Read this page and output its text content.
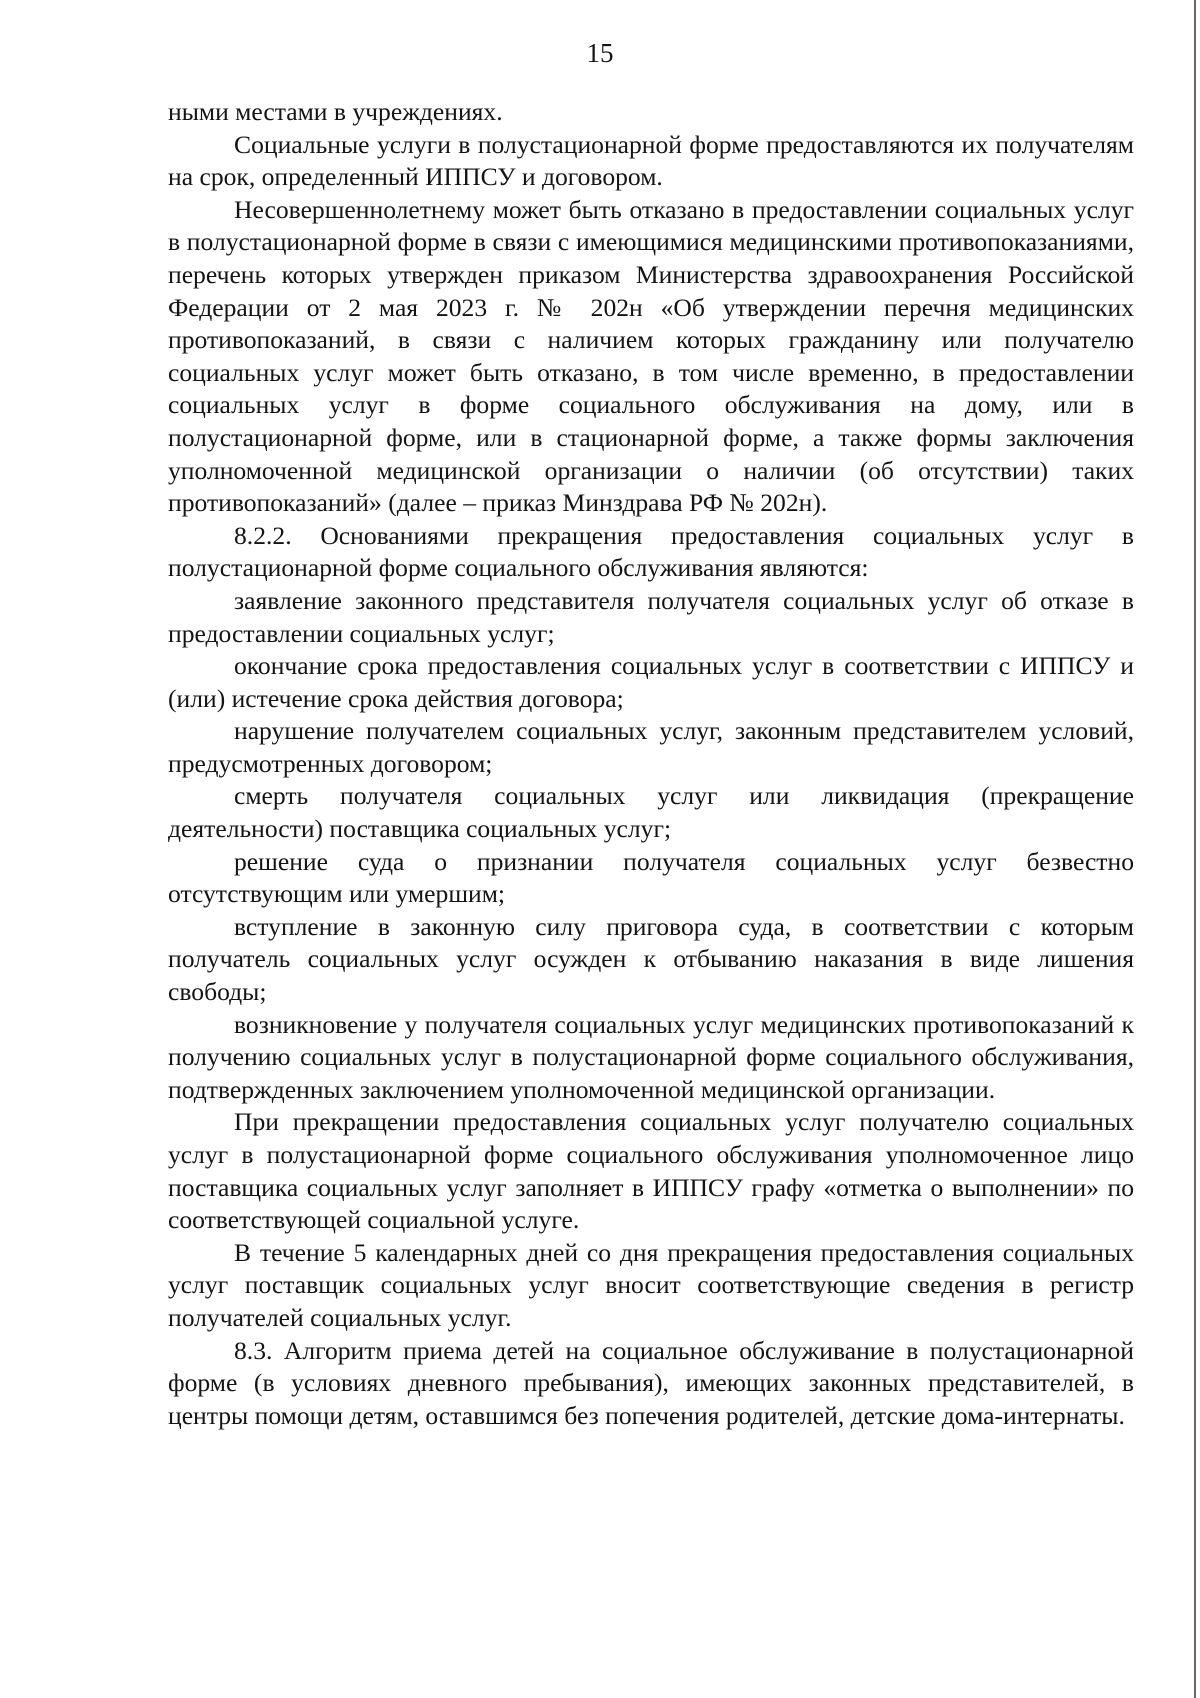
15

ными местами в учреждениях.

Социальные услуги в полустационарной форме предоставляются их получателям на срок, определенный ИППСУ и договором.

Несовершеннолетнему может быть отказано в предоставлении социальных услуг в полустационарной форме в связи с имеющимися медицинскими противопоказаниями, перечень которых утвержден приказом Министерства здравоохранения Российской Федерации от 2 мая 2023 г. № 202н «Об утверждении перечня медицинских противопоказаний, в связи с наличием которых гражданину или получателю социальных услуг может быть отказано, в том числе временно, в предоставлении социальных услуг в форме социального обслуживания на дому, или в полустационарной форме, или в стационарной форме, а также формы заключения уполномоченной медицинской организации о наличии (об отсутствии) таких противопоказаний» (далее – приказ Минздрава РФ № 202н).

8.2.2. Основаниями прекращения предоставления социальных услуг в полустационарной форме социального обслуживания являются:

заявление законного представителя получателя социальных услуг об отказе в предоставлении социальных услуг;

окончание срока предоставления социальных услуг в соответствии с ИППСУ и (или) истечение срока действия договора;

нарушение получателем социальных услуг, законным представителем условий, предусмотренных договором;

смерть получателя социальных услуг или ликвидация (прекращение деятельности) поставщика социальных услуг;

решение суда о признании получателя социальных услуг безвестно отсутствующим или умершим;

вступление в законную силу приговора суда, в соответствии с которым получатель социальных услуг осужден к отбыванию наказания в виде лишения свободы;

возникновение у получателя социальных услуг медицинских противопоказаний к получению социальных услуг в полустационарной форме социального обслуживания, подтвержденных заключением уполномоченной медицинской организации.

При прекращении предоставления социальных услуг получателю социальных услуг в полустационарной форме социального обслуживания уполномоченное лицо поставщика социальных услуг заполняет в ИППСУ графу «отметка о выполнении» по соответствующей социальной услуге.

В течение 5 календарных дней со дня прекращения предоставления социальных услуг поставщик социальных услуг вносит соответствующие сведения в регистр получателей социальных услуг.

8.3. Алгоритм приема детей на социальное обслуживание в полустационарной форме (в условиях дневного пребывания), имеющих законных представителей, в центры помощи детям, оставшимся без попечения родителей, детские дома-интернаты.
